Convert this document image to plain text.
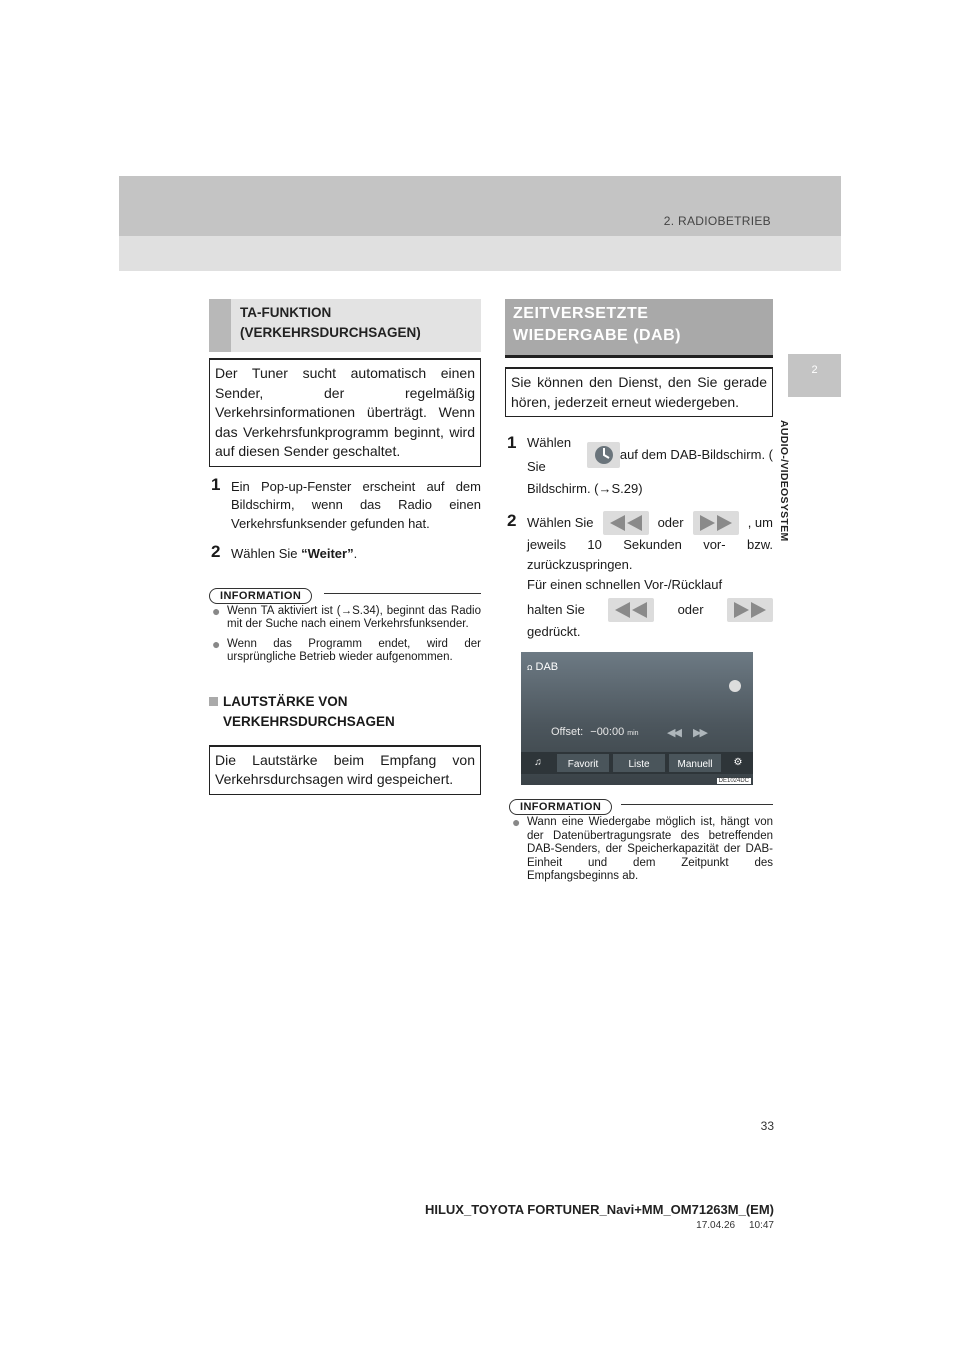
2. RADIOBETRIEB
2
AUDIO-/VIDEOSYSTEM
TA-FUNKTION
(VERKEHRSDURCHSAGEN)
Der Tuner sucht automatisch einen Sender, der regelmäßig Verkehrsinformationen überträgt. Wenn das Verkehrsfunkprogramm beginnt, wird auf diesen Sender geschaltet.
1 Ein Pop-up-Fenster erscheint auf dem Bildschirm, wenn das Radio einen Verkehrsfunksender gefunden hat.
2 Wählen Sie “Weiter”.
INFORMATION
● Wenn TA aktiviert ist (→S.34), beginnt das Radio mit der Suche nach einem Verkehrsfunksender.
● Wenn das Programm endet, wird der ursprüngliche Betrieb wieder aufgenommen.
LAUTSTÄRKE VON
VERKEHRSDURCHSAGEN
Die Lautstärke beim Empfang von Verkehrsdurchsagen wird gespeichert.
ZEITVERSETZTE
WIEDERGABE (DAB)
Sie können den Dienst, den Sie gerade hören, jederzeit erneut wiedergeben.
1 Wählen Sie
auf dem DAB-Bildschirm. (
Bildschirm. (→S.29)
2 Wählen Sie	oder	, um
jeweils 10 Sekunden vor- bzw. zurückzuspringen.
Für einen schnellen Vor-/Rücklauf
halten Sie	oder
gedrückt.
ꭥ DAB
Offset: −00:00 min	◀◀ ▶▶
♫	Favorit	Liste	Manuell	⚙
DE1024DC
INFORMATION
● Wann eine Wiedergabe möglich ist, hängt von der Datenübertragungsrate des betreffenden DAB-Senders, der Speicherkapazität der DAB-Einheit und dem Zeitpunkt des Empfangsbeginns ab.
33
HILUX_TOYOTA FORTUNER_Navi+MM_OM71263M_(EM)
17.04.26     10:47
